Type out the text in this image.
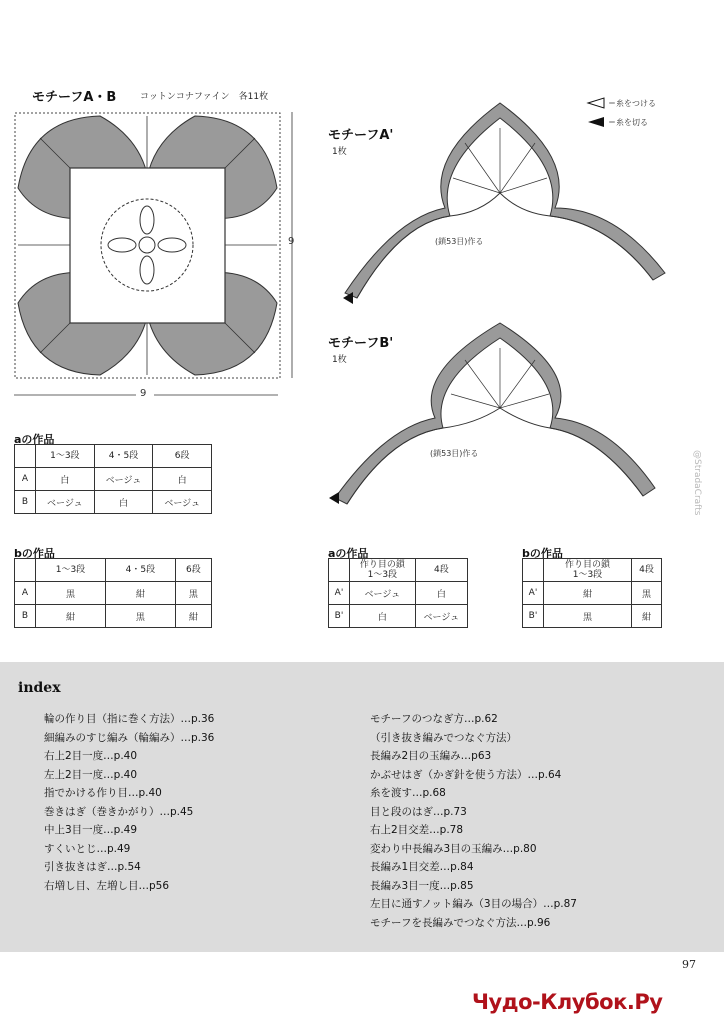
モチーフA・B	コットンコナファイン　各11枚
9
9
＝糸をつける
＝糸を切る
モチーフA'
1枚
(鎖53目)作る
モチーフB'
1枚
(鎖53目)作る
aの作品
	1～3段	4・5段	6段
A	白	ベージュ	白
B	ベージュ	白	ベージュ
bの作品
	1～3段	4・5段	6段
A	黒	紺	黒
B	紺	黒	紺
aの作品
	作り目の鎖
1～3段	4段
A'	ベージュ	白
B'	白	ベージュ
bの作品
	作り目の鎖
1～3段	4段
A'	紺	黒
B'	黒	紺
index
輪の作り目（指に巻く方法）…p.36
細編みのすじ編み（輪編み）…p.36
右上2目一度…p.40
左上2目一度…p.40
指でかける作り目…p.40
巻きはぎ（巻きかがり）…p.45
中上3目一度…p.49
すくいとじ…p.49
引き抜きはぎ…p.54
右増し目、左増し目…p56
モチーフのつなぎ方…p.62
（引き抜き編みでつなぐ方法）
長編み2目の玉編み…p63
かぶせはぎ（かぎ針を使う方法）…p.64
糸を渡す…p.68
目と段のはぎ…p.73
右上2目交差…p.78
変わり中長編み3目の玉編み…p.80
長編み1目交差…p.84
長編み3目一度…p.85
左目に通すノット編み（3目の場合）…p.87
モチーフを長編みでつなぐ方法…p.96
97
@StradaCrafts
Чудо-Клубок.Ру
